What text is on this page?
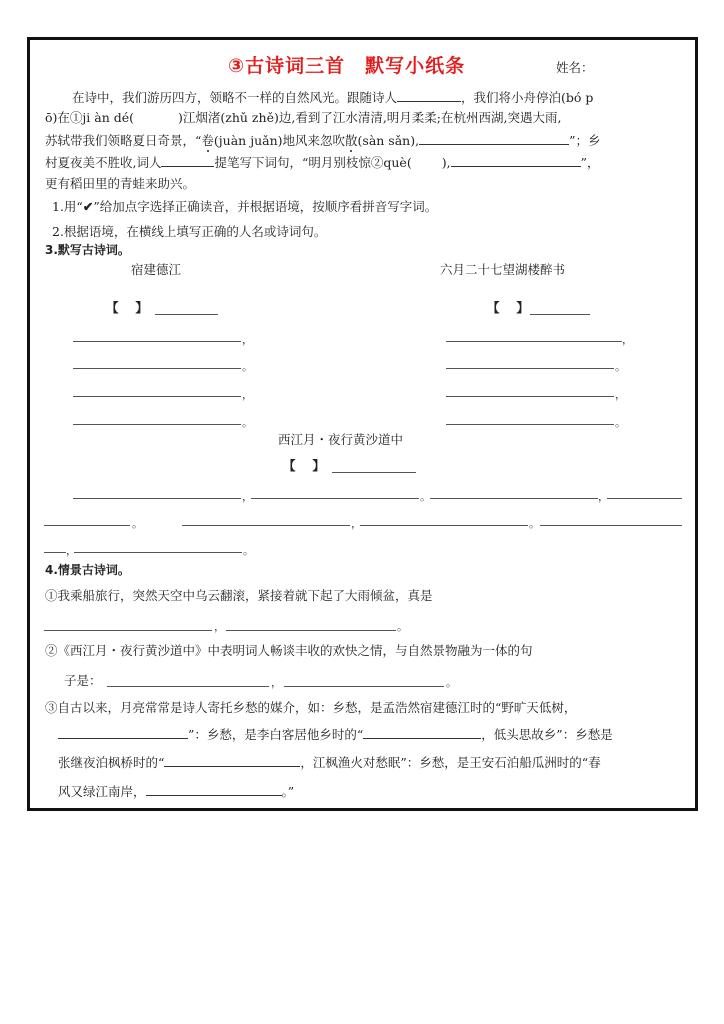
③古诗词三首　默写小纸条	姓名：
在诗中，我们游历四方，领略不一样的自然风光。跟随诗人	，我们将小舟停泊(bó p
ō)在①ji àn dé(	)江烟渚(zhǔ zhě)边,看到了江水清清,明月柔柔;在杭州西湖,突遇大雨,
苏轼带我们领略夏日奇景，“卷(juàn juǎn)地风来忽吹散(sàn sǎn),	”；乡
村夏夜美不胜收,词人	提笔写下词句，“明月别枝惊②què( ),	”，
更有稻田里的青蛙来助兴。
1.用“✔”给加点字选择正确读音，并根据语境，按顺序看拼音写字词。
2.根据语境，在横线上填写正确的人名或诗词句。
3.默写古诗词。
宿建德江	六月二十七望湖楼醉书
【　 】	【　 】
，
。
，
。
，
。
，
。
西江月・夜行黄沙道中
【　 】
，	。	，
。	，	。
，	。
4.情景古诗词。
①我乘船旅行，突然天空中乌云翻滚，紧接着就下起了大雨倾盆，真是
，	。
②《西江月・夜行黄沙道中》中表明词人畅谈丰收的欢快之情，与自然景物融为一体的句
子是：	，	。
③自古以来，月亮常常是诗人寄托乡愁的媒介，如：乡愁，是孟浩然宿建德江时的“野旷天低树，
”：乡愁，是李白客居他乡时的“	，低头思故乡”：乡愁是
张继夜泊枫桥时的“	，江枫渔火对愁眠”：乡愁，是王安石泊船瓜洲时的“春
风又绿江南岸，	。”
